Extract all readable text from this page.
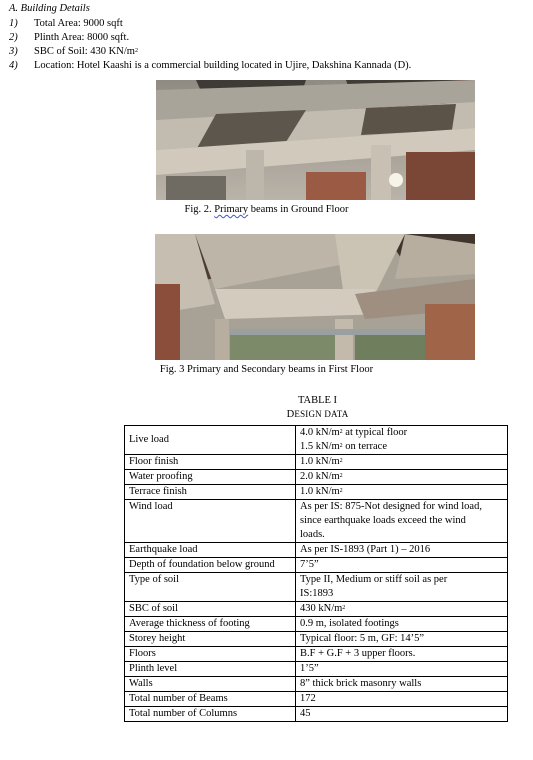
A. Building Details
1)	Total Area: 9000 sqft
2)	Plinth Area: 8000 sqft.
3)	SBC of Soil: 430 $KN/m^2$
4)	Location: Hotel Kaashi is a commercial building located in Ujire, Dakshina Kannada (D).
Fig. 2. Primary beams in Ground Floor
Fig. 3 Primary and Secondary beams in First Floor
TABLE I
DESIGN DATA
Live load	4.0 $kN/m^2$ at typical floor
1.5 $kN/m^2$ on terrace

Floor finish	1.0 $kN/m^2$

Water proofing	2.0 $kN/m^2$

Terrace finish	1.0 $kN/m^2$

Wind load	As per IS: 875-Not designed for wind load,
since earthquake loads exceed the wind
loads.

Earthquake load	As per IS-1893 (Part 1) – 2016

Depth of foundation below ground	7’5”

Type of soil	Type II, Medium or stiff soil as per
IS:1893

SBC of soil	430 $kN/m^2$

Average thickness of footing	0.9 m, isolated footings

Storey height	Typical floor: 5 m, GF: 14’5”

Floors	B.F + G.F + 3 upper floors.

Plinth level	1’5”

Walls	8” thick brick masonry walls

Total number of Beams	172

Total number of Columns	45
